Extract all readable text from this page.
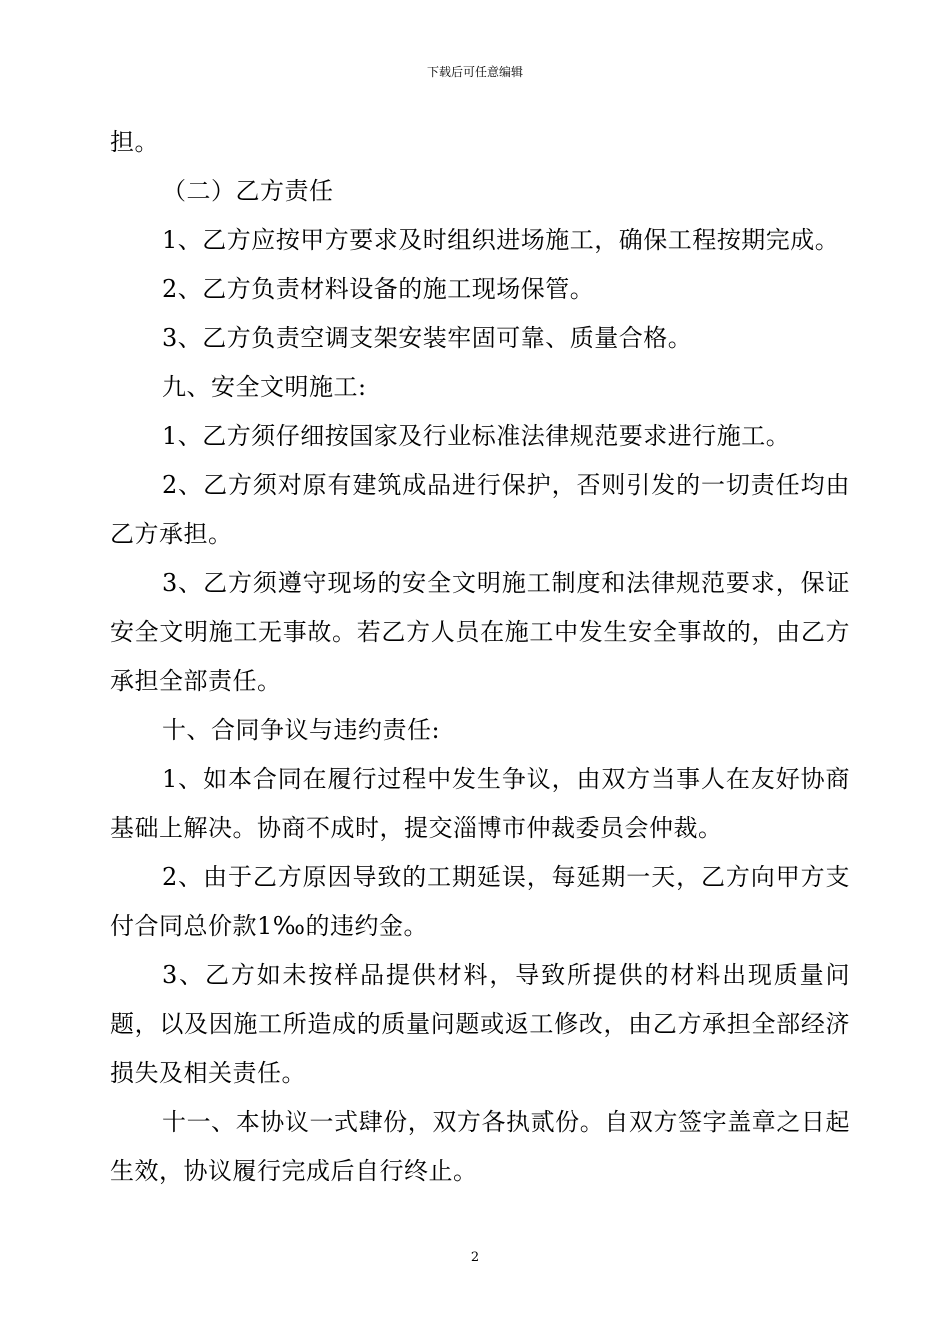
下载后可任意编辑

担。

（二）乙方责任

1、乙方应按甲方要求及时组织进场施工，确保工程按期完成。

2、乙方负责材料设备的施工现场保管。

3、乙方负责空调支架安装牢固可靠、质量合格。

九、安全文明施工:

1、乙方须仔细按国家及行业标准法律规范要求进行施工。

2、乙方须对原有建筑成品进行保护，否则引发的一切责任均由乙方承担。

3、乙方须遵守现场的安全文明施工制度和法律规范要求，保证安全文明施工无事故。若乙方人员在施工中发生安全事故的，由乙方承担全部责任。

十、合同争议与违约责任:

1、如本合同在履行过程中发生争议，由双方当事人在友好协商基础上解决。协商不成时，提交淄博市仲裁委员会仲裁。

2、由于乙方原因导致的工期延误，每延期一天，乙方向甲方支付合同总价款1‰的违约金。

3、乙方如未按样品提供材料，导致所提供的材料出现质量问题，以及因施工所造成的质量问题或返工修改，由乙方承担全部经济损失及相关责任。

十一、本协议一式肆份，双方各执贰份。自双方签字盖章之日起生效，协议履行完成后自行终止。

2
